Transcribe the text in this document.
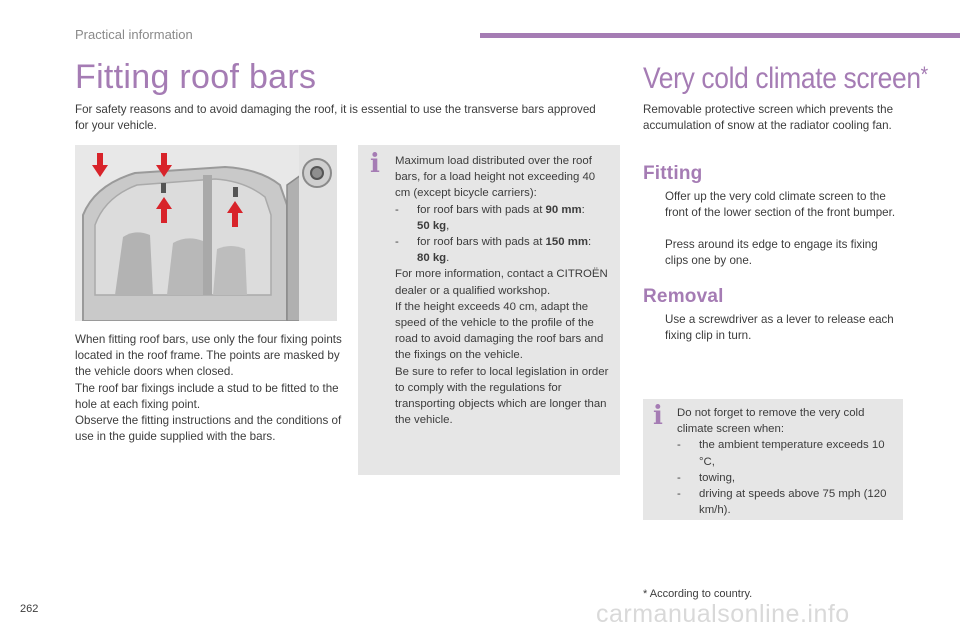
Practical information
Fitting roof bars

For safety reasons and to avoid damaging the roof, it is essential to use the transverse bars approved for your vehicle.

When fitting roof bars, use only the four fixing points located in the roof frame. The points are masked by the vehicle doors when closed.

The roof bar fixings include a stud to be fitted to the hole at each fixing point.

Observe the fitting instructions and the conditions of use in the guide supplied with the bars.

i Maximum load distributed over the roof bars, for a load height not exceeding 40 cm (except bicycle carriers):

- for roof bars with pads at 90 mm:
50 kg,
- for roof bars with pads at 150 mm:
80 kg.

For more information, contact a CITROËN dealer or a qualified workshop.

If the height exceeds 40 cm, adapt the speed of the vehicle to the profile of the road to avoid damaging the roof bars and the fixings on the vehicle.

Be sure to refer to local legislation in order to comply with the regulations for transporting objects which are longer than the vehicle.

Very cold climate screen*

Removable protective screen which prevents the accumulation of snow at the radiator cooling fan.

Fitting
Offer up the very cold climate screen to the front of the lower section of the front bumper.
Press around its edge to engage its fixing clips one by one.
Removal
Use a screwdriver as a lever to release each fixing clip in turn.
i Do not forget to remove the very cold climate screen when:

- the ambient temperature exceeds 10 °C,
- towing,
- driving at speeds above 75 mph (120 km/h).
* According to country.
262	carmanualsonline.info
